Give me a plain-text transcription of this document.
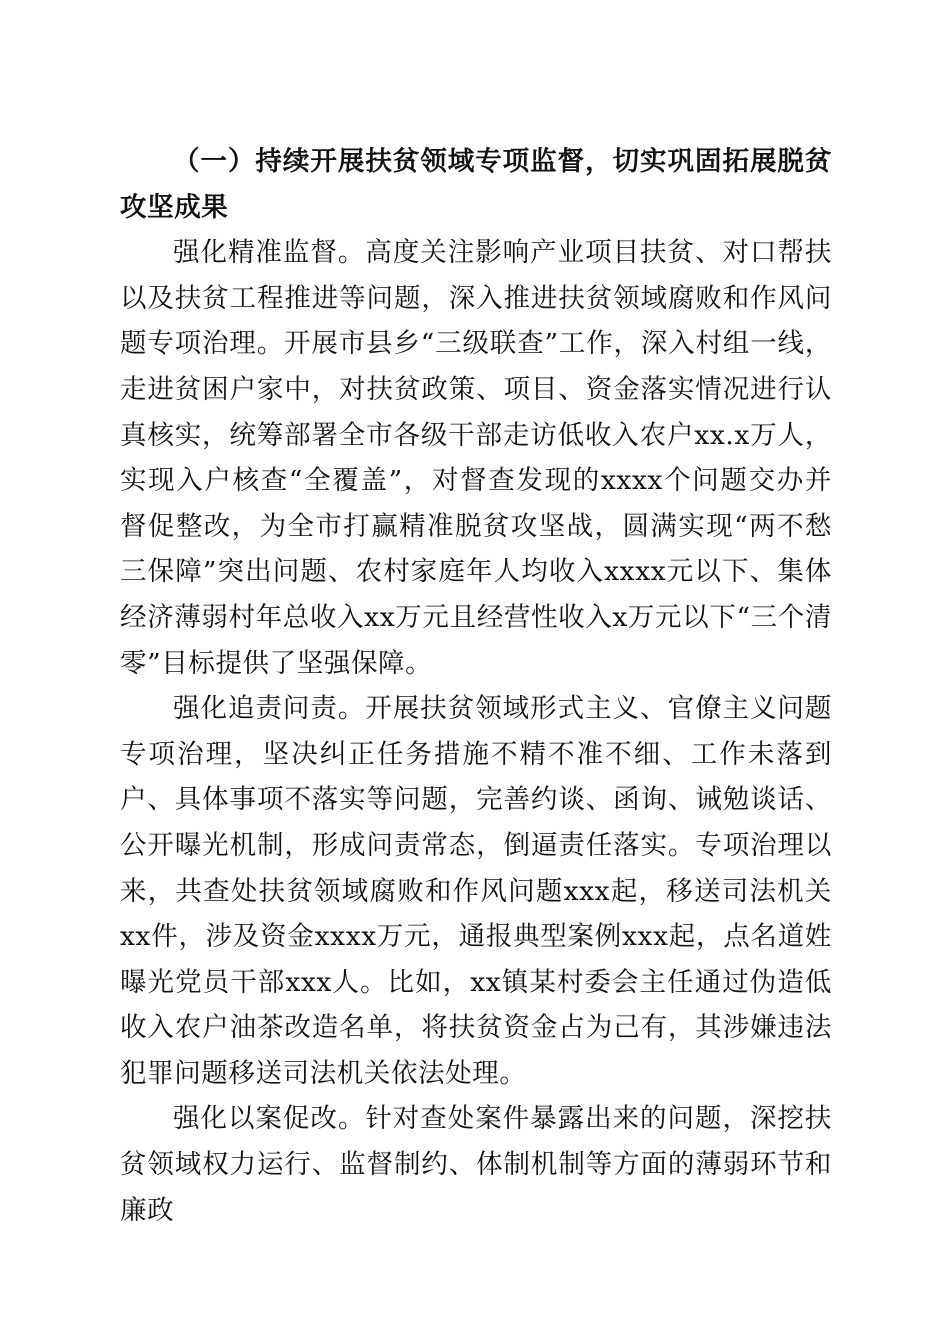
（一）持续开展扶贫领域专项监督，切实巩固拓展脱贫攻坚成果

强化精准监督。高度关注影响产业项目扶贫、对口帮扶以及扶贫工程推进等问题，深入推进扶贫领域腐败和作风问题专项治理。开展市县乡“三级联查”工作，深入村组一线，走进贫困户家中，对扶贫政策、项目、资金落实情况进行认真核实，统筹部署全市各级干部走访低收入农户xx.x万人，实现入户核查“全覆盖”，对督查发现的xxxx个问题交办并督促整改，为全市打赢精准脱贫攻坚战，圆满实现“两不愁三保障”突出问题、农村家庭年人均收入xxxx元以下、集体经济薄弱村年总收入xx万元且经营性收入x万元以下“三个清零”目标提供了坚强保障。

强化追责问责。开展扶贫领域形式主义、官僚主义问题专项治理，坚决纠正任务措施不精不准不细、工作未落到户、具体事项不落实等问题，完善约谈、函询、诫勉谈话、公开曝光机制，形成问责常态，倒逼责任落实。专项治理以来，共查处扶贫领域腐败和作风问题xxx起，移送司法机关xx件，涉及资金xxxx万元，通报典型案例xxx起，点名道姓曝光党员干部xxx人。比如，xx镇某村委会主任通过伪造低收入农户油茶改造名单，将扶贫资金占为己有，其涉嫌违法犯罪问题移送司法机关依法处理。

强化以案促改。针对查处案件暴露出来的问题，深挖扶贫领域权力运行、监督制约、体制机制等方面的薄弱环节和廉政
